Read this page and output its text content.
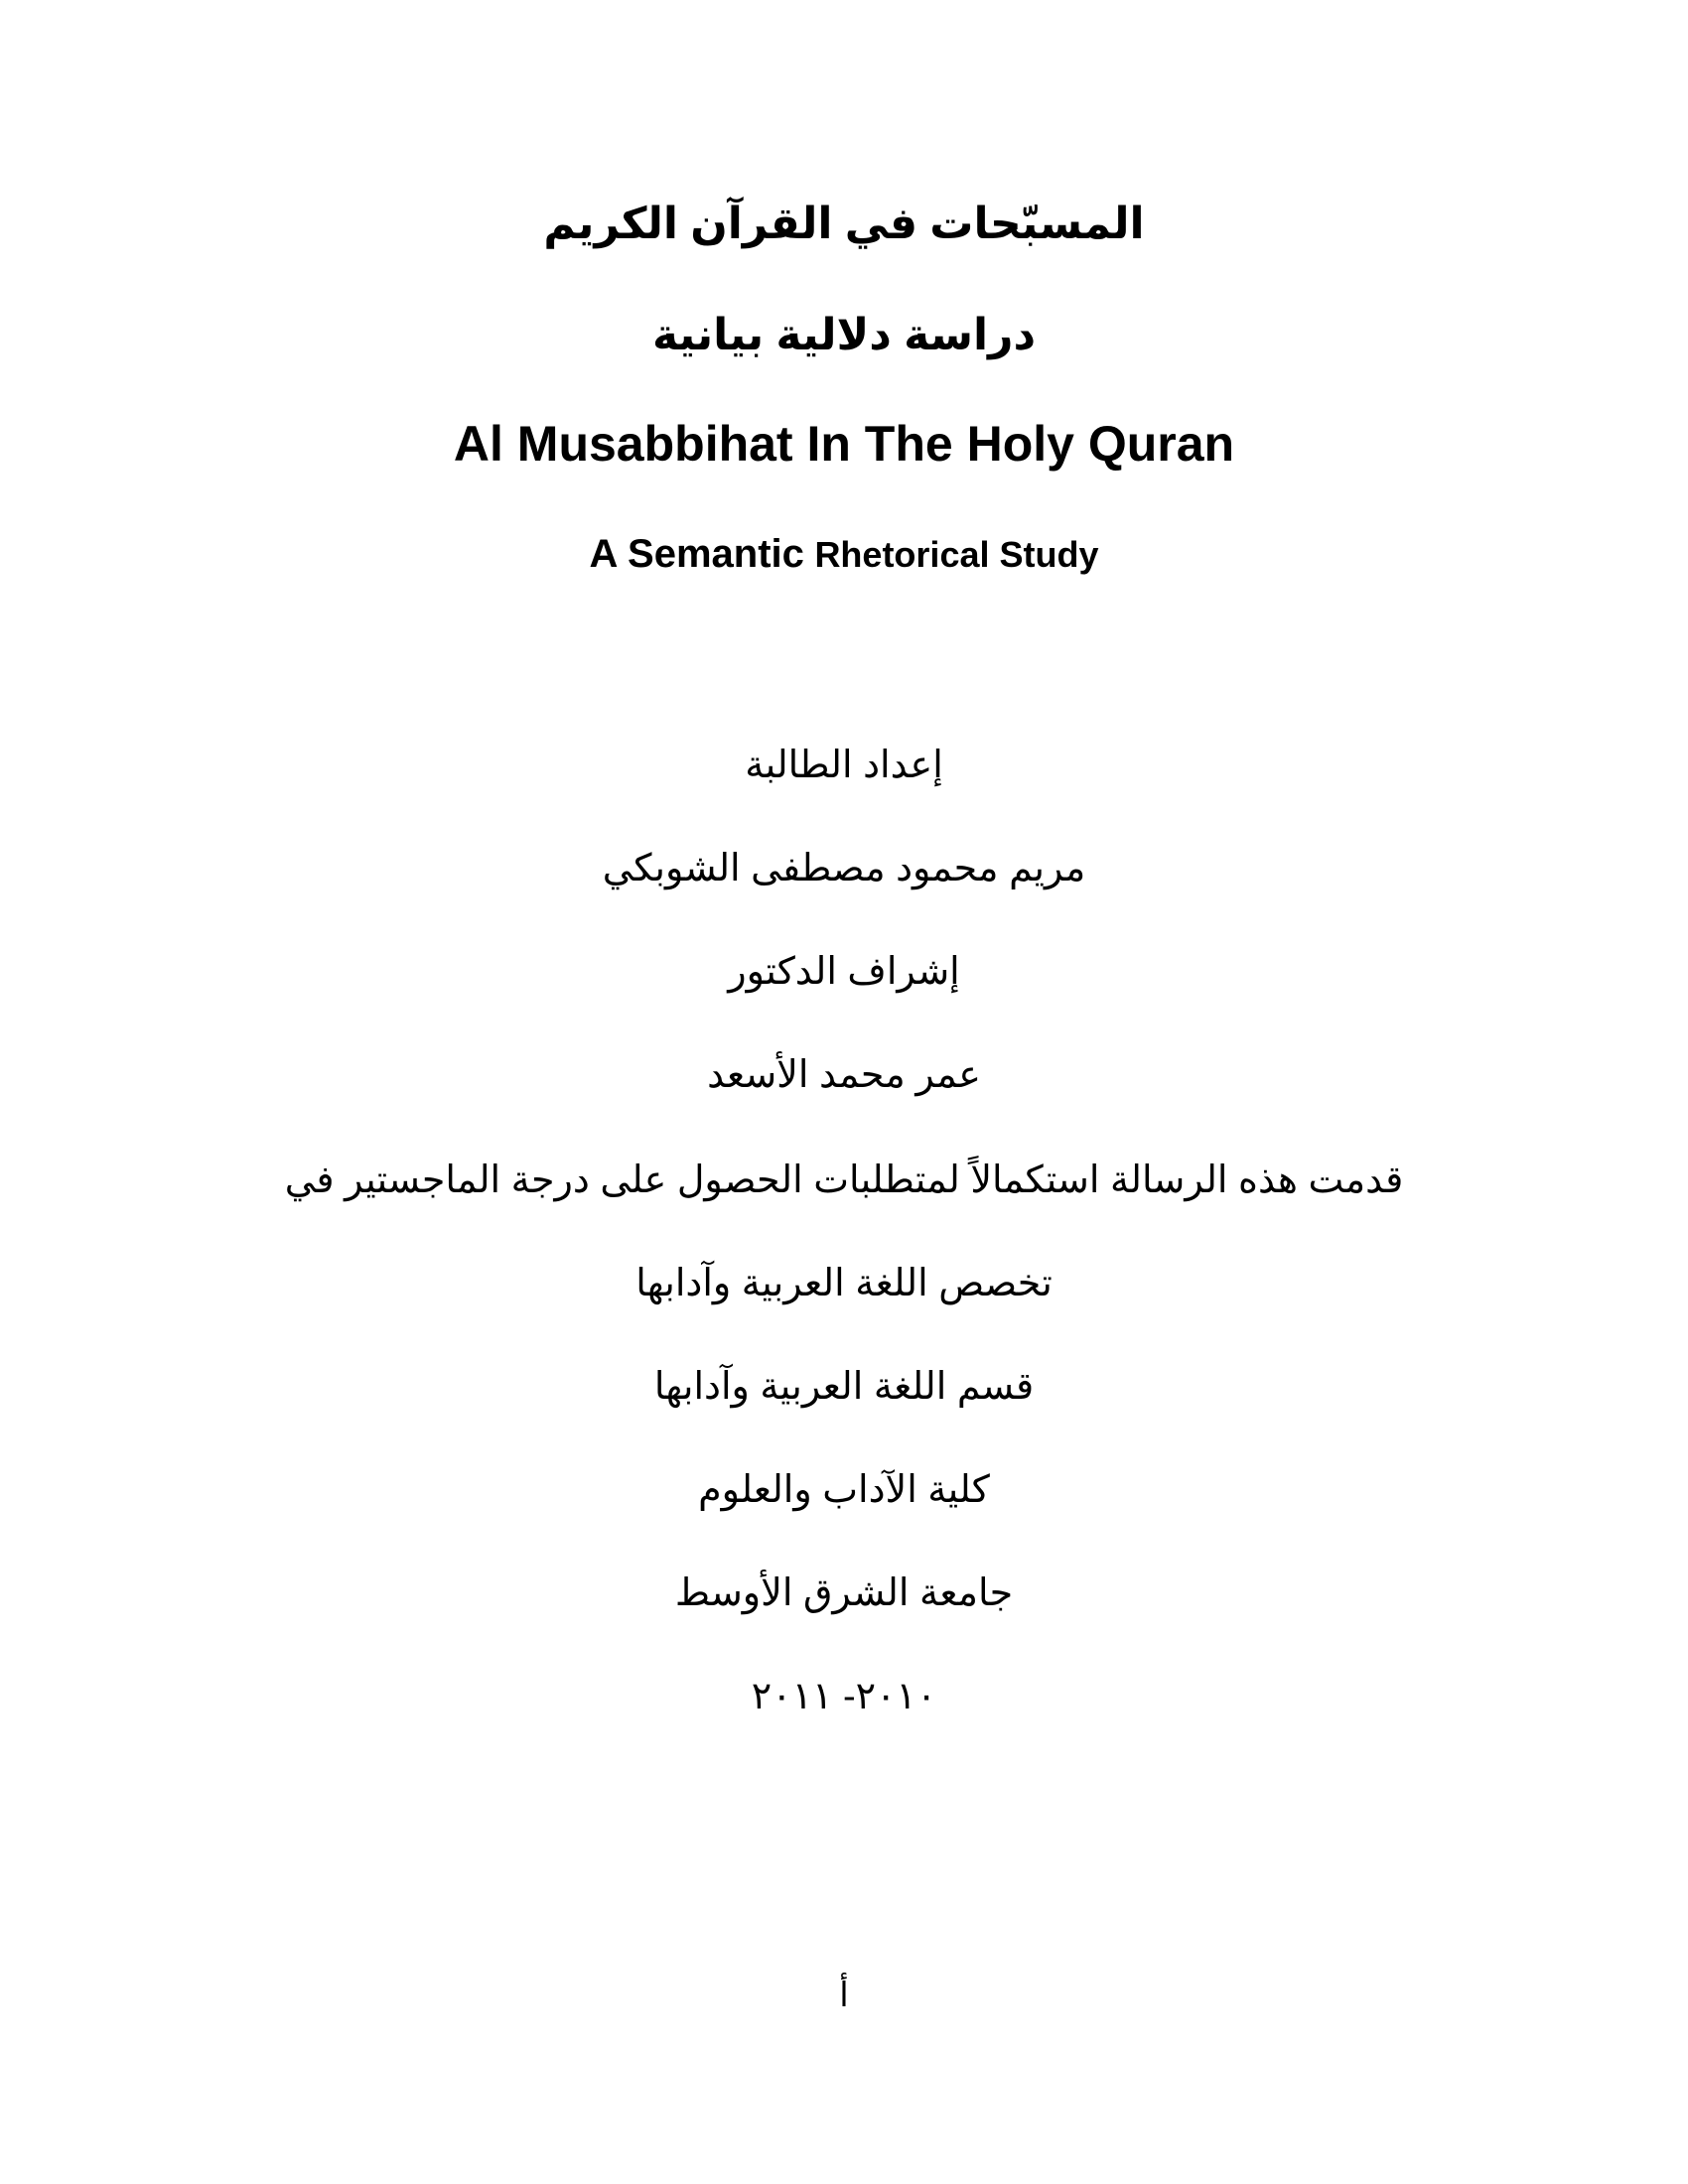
المسبّحات في القرآن الكريم
دراسة دلالية بيانية
Al Musabbihat In The Holy Quran
A Semantic Rhetorical Study
إعداد الطالبة
مريم محمود مصطفى الشوبكي
إشراف الدكتور
عمر محمد الأسعد
قدمت هذه الرسالة استكمالاً لمتطلبات الحصول على درجة الماجستير في
تخصص اللغة العربية وآدابها
قسم اللغة العربية وآدابها
كلية الآداب والعلوم
جامعة الشرق الأوسط
٢٠١٠- ٢٠١١
أ
